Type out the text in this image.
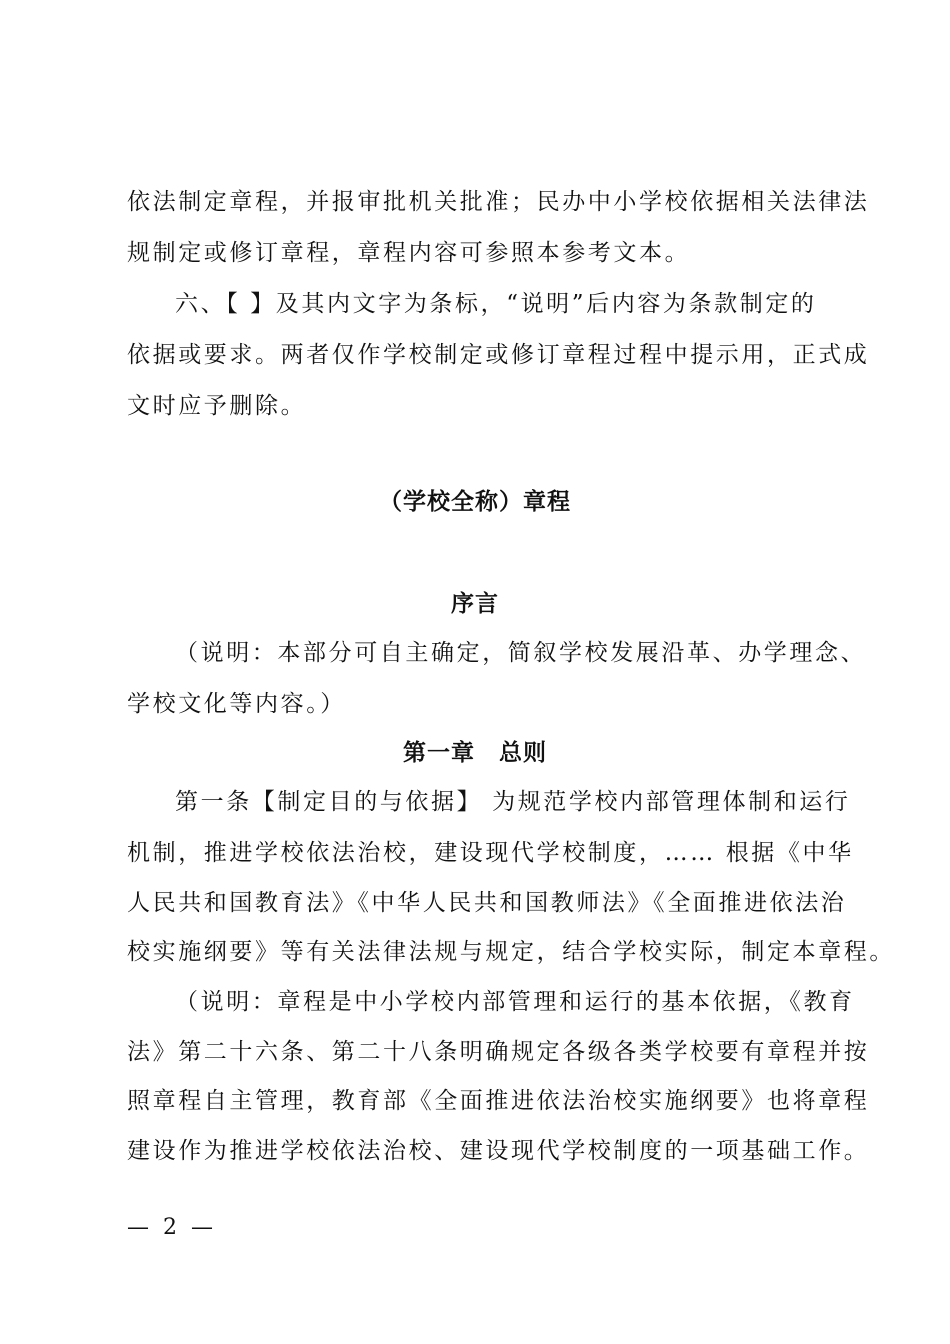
依法制定章程，并报审批机关批准；民办中小学校依据相关法律法
规制定或修订章程，章程内容可参照本参考文本。
六、【 】及其内文字为条标，“说明”后内容为条款制定的
依据或要求。两者仅作学校制定或修订章程过程中提示用，正式成
文时应予删除。
（学校全称）章程
序言
（说明：本部分可自主确定，简叙学校发展沿革、办学理念、
学校文化等内容。）
第一章　总则
第一条【制定目的与依据】 为规范学校内部管理体制和运行
机制，推进学校依法治校，建设现代学校制度，…… 根据《中华
人民共和国教育法》《中华人民共和国教师法》《全面推进依法治
校实施纲要》等有关法律法规与规定，结合学校实际，制定本章程。
（说明：章程是中小学校内部管理和运行的基本依据，《教育
法》第二十六条、第二十八条明确规定各级各类学校要有章程并按
照章程自主管理，教育部《全面推进依法治校实施纲要》也将章程
建设作为推进学校依法治校、建设现代学校制度的一项基础工作。
—  2  —
